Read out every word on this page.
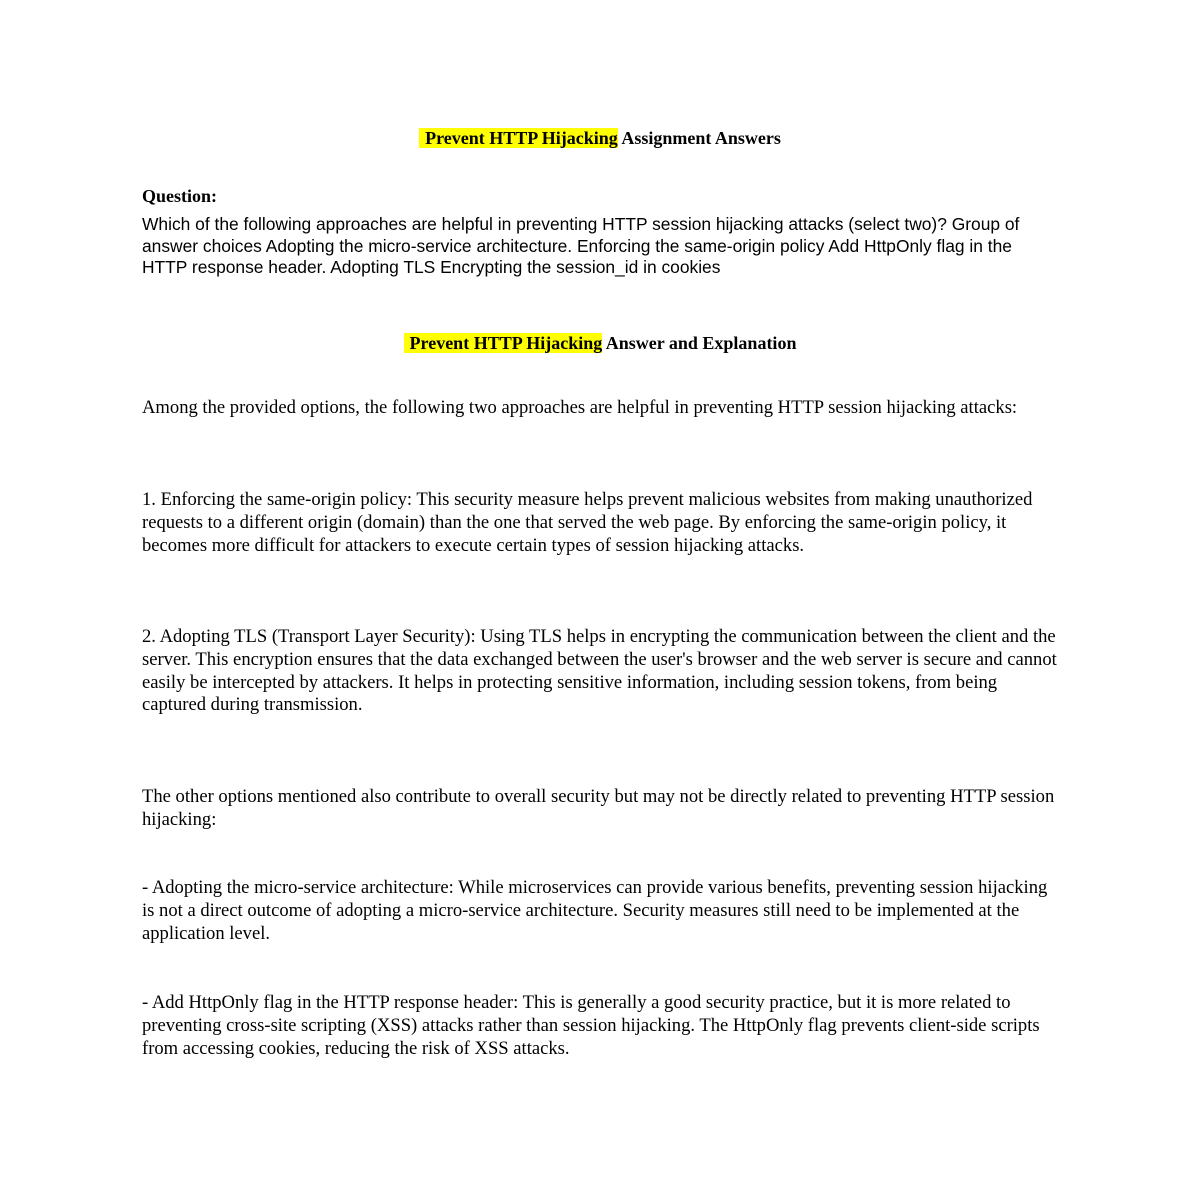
Prevent HTTP Hijacking Assignment Answers
Question:
Which of the following approaches are helpful in preventing HTTP session hijacking attacks (select two)? Group of answer choices Adopting the micro-service architecture. Enforcing the same-origin policy Add HttpOnly flag in the HTTP response header. Adopting TLS Encrypting the session_id in cookies
Prevent HTTP Hijacking Answer and Explanation
Among the provided options, the following two approaches are helpful in preventing HTTP session hijacking attacks:
1. Enforcing the same-origin policy: This security measure helps prevent malicious websites from making unauthorized requests to a different origin (domain) than the one that served the web page. By enforcing the same-origin policy, it becomes more difficult for attackers to execute certain types of session hijacking attacks.
2. Adopting TLS (Transport Layer Security): Using TLS helps in encrypting the communication between the client and the server. This encryption ensures that the data exchanged between the user's browser and the web server is secure and cannot easily be intercepted by attackers. It helps in protecting sensitive information, including session tokens, from being captured during transmission.
The other options mentioned also contribute to overall security but may not be directly related to preventing HTTP session hijacking:
- Adopting the micro-service architecture: While microservices can provide various benefits, preventing session hijacking is not a direct outcome of adopting a micro-service architecture. Security measures still need to be implemented at the application level.
- Add HttpOnly flag in the HTTP response header: This is generally a good security practice, but it is more related to preventing cross-site scripting (XSS) attacks rather than session hijacking. The HttpOnly flag prevents client-side scripts from accessing cookies, reducing the risk of XSS attacks.
